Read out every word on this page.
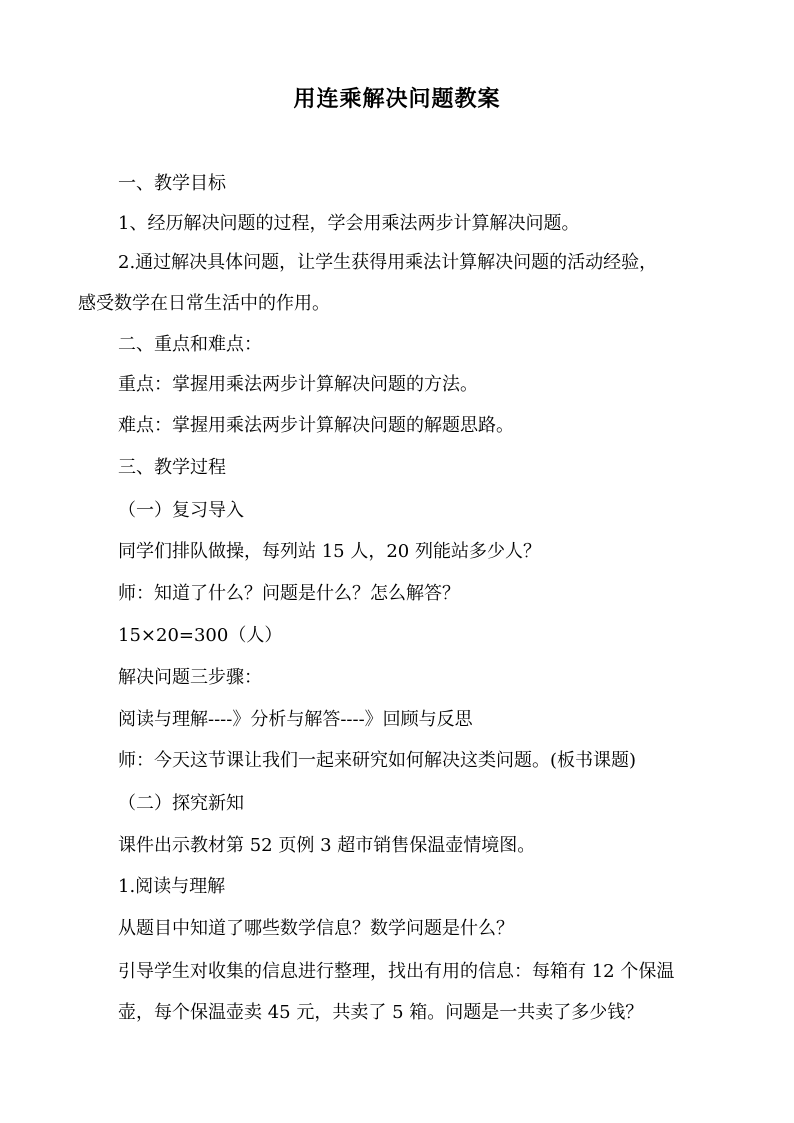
用连乘解决问题教案
一、教学目标
1、经历解决问题的过程，学会用乘法两步计算解决问题。
2.通过解决具体问题，让学生获得用乘法计算解决问题的活动经验，
感受数学在日常生活中的作用。
二、重点和难点：
重点：掌握用乘法两步计算解决问题的方法。
难点：掌握用乘法两步计算解决问题的解题思路。
三、教学过程
（一）复习导入
同学们排队做操，每列站 15 人，20 列能站多少人？
师：知道了什么？问题是什么？怎么解答？
15×20=300（人）
解决问题三步骤：
阅读与理解----》分析与解答----》回顾与反思
师：今天这节课让我们一起来研究如何解决这类问题。(板书课题)
（二）探究新知
课件出示教材第 52 页例 3 超市销售保温壶情境图。
1.阅读与理解
从题目中知道了哪些数学信息？数学问题是什么？
引导学生对收集的信息进行整理，找出有用的信息：每箱有 12 个保温
壶，每个保温壶卖 45 元，共卖了 5 箱。问题是一共卖了多少钱？
